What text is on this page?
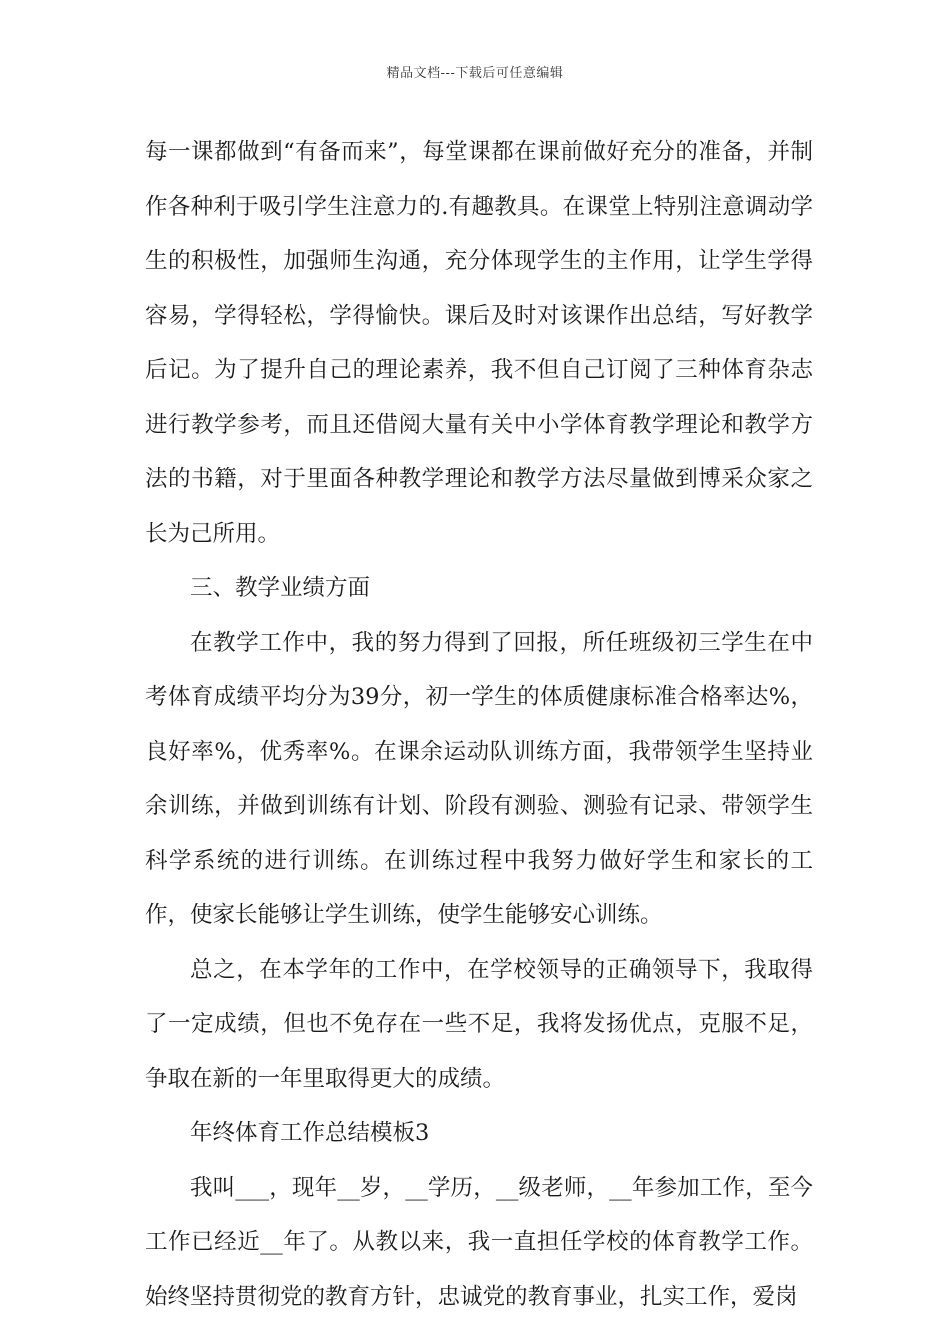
精品文档---下载后可任意编辑

每一课都做到“有备而来”，每堂课都在课前做好充分的准备，并制作各种利于吸引学生注意力的.有趣教具。在课堂上特别注意调动学生的积极性，加强师生沟通，充分体现学生的主作用，让学生学得容易，学得轻松，学得愉快。课后及时对该课作出总结，写好教学后记。为了提升自己的理论素养，我不但自己订阅了三种体育杂志进行教学参考，而且还借阅大量有关中小学体育教学理论和教学方法的书籍，对于里面各种教学理论和教学方法尽量做到博采众家之长为己所用。

三、教学业绩方面

在教学工作中，我的努力得到了回报，所任班级初三学生在中考体育成绩平均分为39分，初一学生的体质健康标准合格率达%，良好率%，优秀率%。在课余运动队训练方面，我带领学生坚持业余训练，并做到训练有计划、阶段有测验、测验有记录、带领学生科学系统的进行训练。在训练过程中我努力做好学生和家长的工作，使家长能够让学生训练，使学生能够安心训练。

总之，在本学年的工作中，在学校领导的正确领导下，我取得了一定成绩，但也不免存在一些不足，我将发扬优点，克服不足，争取在新的一年里取得更大的成绩。

年终体育工作总结模板3

我叫___，现年__岁，__学历，__级老师，__年参加工作，至今工作已经近__年了。从教以来，我一直担任学校的体育教学工作。始终坚持贯彻党的教育方针，忠诚党的教育事业，扎实工作，爱岗
